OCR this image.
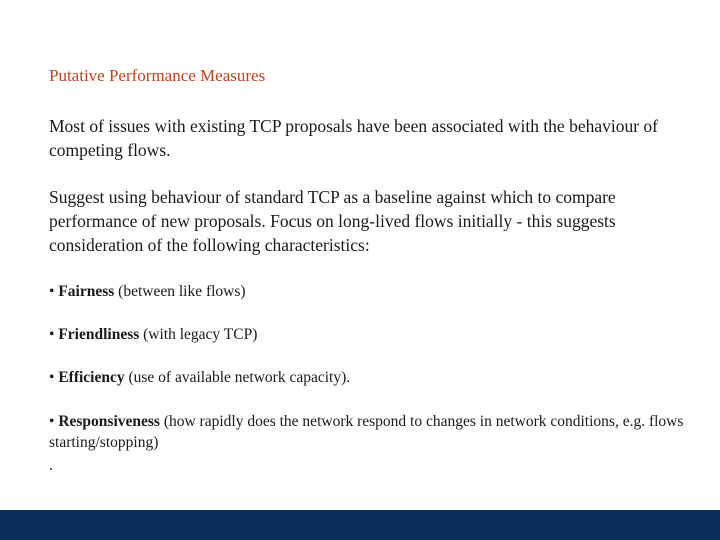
Putative Performance Measures
Most of issues with existing TCP proposals have been associated with the behaviour of competing flows.
Suggest using behaviour of standard TCP as a baseline against which to compare performance of new proposals. Focus on long-lived flows initially - this suggests consideration of the following characteristics:
• Fairness (between like flows)
• Friendliness (with legacy TCP)
• Efficiency (use of available network capacity).
• Responsiveness (how rapidly does the network respond to changes in network conditions, e.g. flows starting/stopping)
.
